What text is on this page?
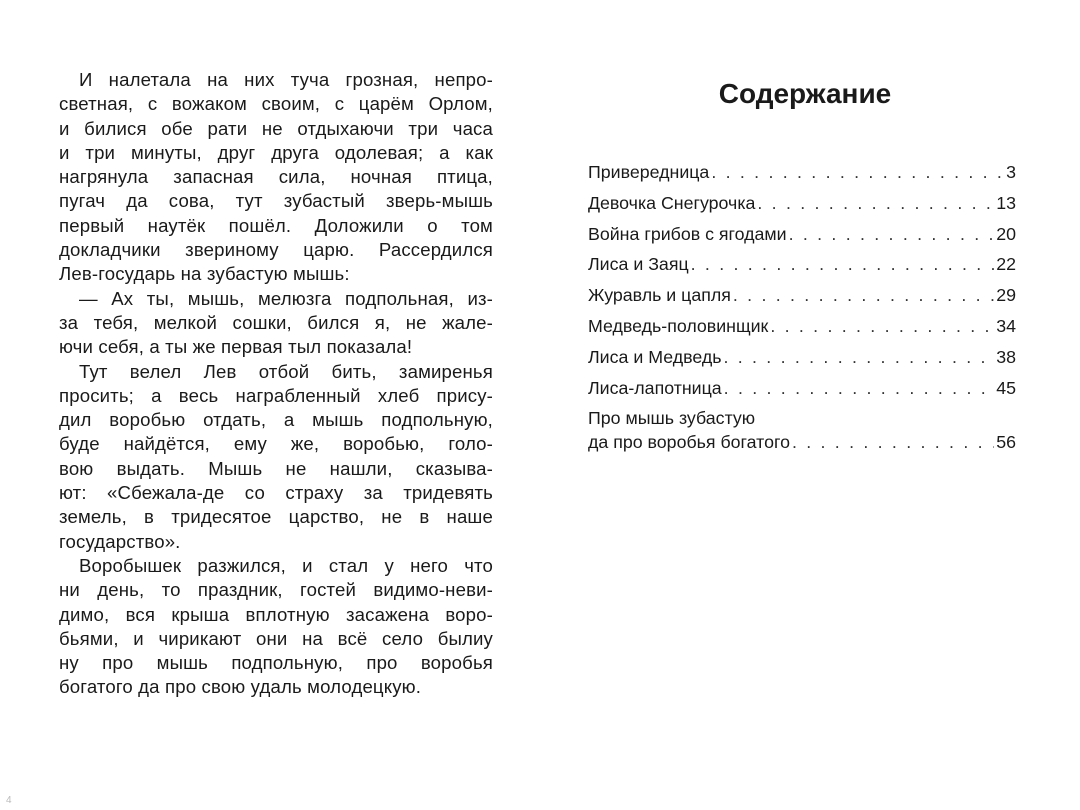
И налетала на них туча грозная, непро-
светная, с вожаком своим, с царём Орлом,
и билися обе рати не отдыхаючи три часа
и три минуты, друг друга одолевая; а как
нагрянула запасная сила, ночная птица,
пугач да сова, тут зубастый зверь-мышь
первый наутёк пошёл. Доложили о том
докладчики звериному царю. Рассердился
Лев-государь на зубастую мышь:
— Ах ты, мышь, мелюзга подпольная, из-
за тебя, мелкой сошки, бился я, не жале-
ючи себя, а ты же первая тыл показала!
Тут велел Лев отбой бить, замиренья
просить; а весь награбленный хлеб прису-
дил воробью отдать, а мышь подпольную,
буде найдётся, ему же, воробью, голо-
вою выдать. Мышь не нашли, сказыва-
ют: «Сбежала-де со страху за тридевять
земель, в тридесятое царство, не в наше
государство».
Воробышек разжился, и стал у него что
ни день, то праздник, гостей видимо-неви-
димо, вся крыша вплотную засажена воро-
бьями, и чирикают они на всё село былиу
ну про мышь подпольную, про воробья
богатого да про свою удаль молодецкую.
Содержание
Привередница . . .	3
Девочка Снегурочка . . .	13
Война грибов с ягодами . . .	20
Лиса и Заяц . . .	22
Журавль и цапля . . .	29
Медведь-половинщик . . .	34
Лиса и Медведь . . .	38
Лиса-лапотница . . .	45
Про мышь зубастую
да про воробья богатого . . .	56
4
